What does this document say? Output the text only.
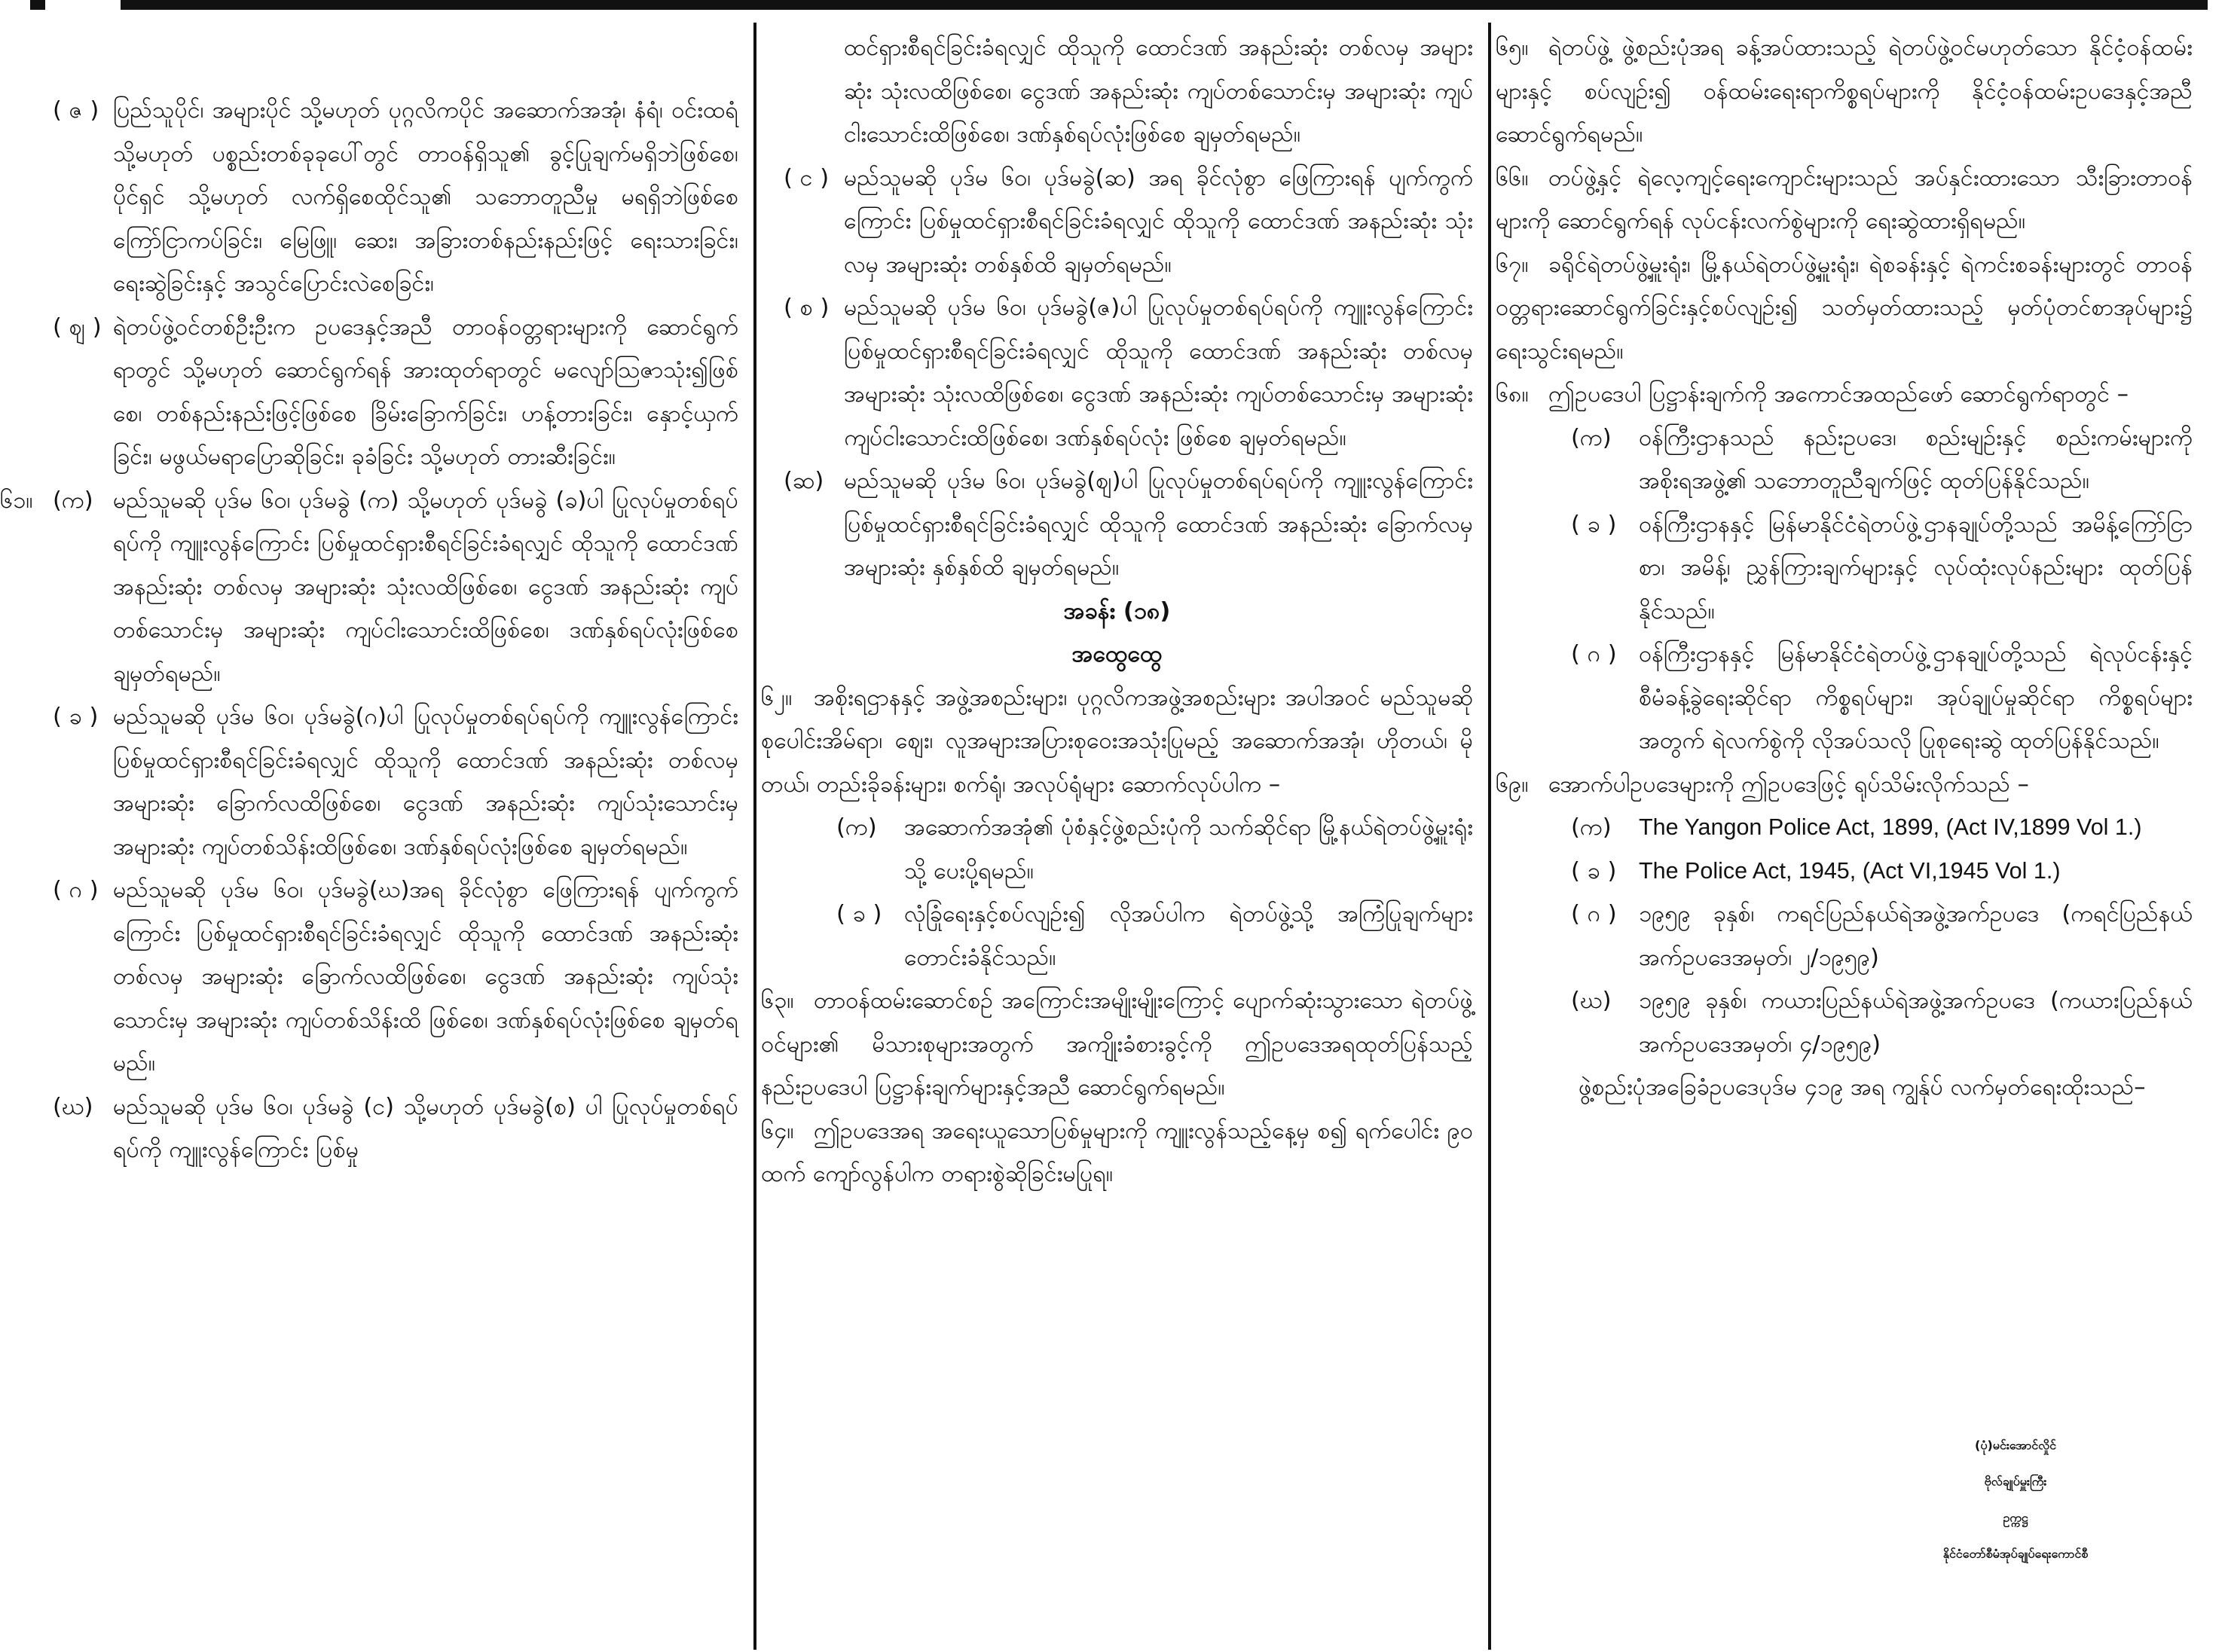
( ဇ ) ပြည်သူပိုင်၊ အများပိုင် သို့မဟုတ် ပုဂ္ဂလိကပိုင် အဆောက်အအုံ၊ နံရံ၊ ဝင်းထရံ သို့မဟုတ် ပစ္စည်းတစ်ခုခုပေါ်တွင် တာဝန်ရှိသူ၏ ခွင့်ပြုချက်မရှိဘဲဖြစ်စေ၊ ပိုင်ရှင် သို့မဟုတ် လက်ရှိစေထိုင်သူ၏ သဘောတူညီမှု မရရှိဘဲဖြစ်စေ ကြော်ငြာကပ်ခြင်း၊ မြေဖြူ၊ ဆေး၊ အခြားတစ်နည်းနည်းဖြင့် ရေးသားခြင်း၊ ရေးဆွဲခြင်းနှင့် အသွင်ပြောင်းလဲစေခြင်း၊
( ဈ ) ရဲတပ်ဖွဲ့ဝင်တစ်ဦးဦးက ဥပဒေနှင့်အညီ တာဝန်ဝတ္တရားများကို ဆောင်ရွက်ရာတွင် သို့မဟုတ် ဆောင်ရွက်ရန် အားထုတ်ရာတွင် မလျော်ဩဇာသုံး၍ဖြစ်စေ၊ တစ်နည်းနည်းဖြင့်ဖြစ်စေ ခြိမ်းခြောက်ခြင်း၊ ဟန့်တားခြင်း၊ နှောင့်ယှက်ခြင်း၊ မဖွယ်မရာပြောဆိုခြင်း၊ ခုခံခြင်း သို့မဟုတ် တားဆီးခြင်း။
၆၁။ (က) မည်သူမဆို ပုဒ်မ ၆၀၊ ပုဒ်မခွဲ (က) သို့မဟုတ် ပုဒ်မခွဲ (ခ)ပါ ပြုလုပ်မှုတစ်ရပ်ရပ်ကို ကျူးလွန်ကြောင်း ပြစ်မှုထင်ရှားစီရင်ခြင်းခံရလျှင် ထိုသူကို ထောင်ဒဏ် အနည်းဆုံး တစ်လမှ အများဆုံး သုံးလထိဖြစ်စေ၊ ငွေဒဏ် အနည်းဆုံး ကျပ်တစ်သောင်းမှ အများဆုံး ကျပ်ငါးသောင်းထိဖြစ်စေ၊ ဒဏ်နှစ်ရပ်လုံးဖြစ်စေ ချမှတ်ရမည်။
( ခ ) မည်သူမဆို ပုဒ်မ ၆၀၊ ပုဒ်မခွဲ(ဂ)ပါ ပြုလုပ်မှုတစ်ရပ်ရပ်ကို ကျူးလွန်ကြောင်း ပြစ်မှုထင်ရှားစီရင်ခြင်းခံရလျှင် ထိုသူကို ထောင်ဒဏ် အနည်းဆုံး တစ်လမှ အများဆုံး ခြောက်လထိဖြစ်စေ၊ ငွေဒဏ် အနည်းဆုံး ကျပ်သုံးသောင်းမှ အများဆုံး ကျပ်တစ်သိန်းထိဖြစ်စေ၊ ဒဏ်နှစ်ရပ်လုံးဖြစ်စေ ချမှတ်ရမည်။
( ဂ ) မည်သူမဆို ပုဒ်မ ၆၀၊ ပုဒ်မခွဲ(ဃ)အရ ခိုင်လုံစွာ ဖြေကြားရန် ပျက်ကွက်ကြောင်း ပြစ်မှုထင်ရှားစီရင်ခြင်းခံရလျှင် ထိုသူကို ထောင်ဒဏ် အနည်းဆုံး တစ်လမှ အများဆုံး ခြောက်လထိဖြစ်စေ၊ ငွေဒဏ် အနည်းဆုံး ကျပ်သုံးသောင်းမှ အများဆုံး ကျပ်တစ်သိန်းထိ ဖြစ်စေ၊ ဒဏ်နှစ်ရပ်လုံးဖြစ်စေ ချမှတ်ရမည်။
(ဃ) မည်သူမဆို ပုဒ်မ ၆၀၊ ပုဒ်မခွဲ (င) သို့မဟုတ် ပုဒ်မခွဲ(စ) ပါ ပြုလုပ်မှုတစ်ရပ်ရပ်ကို ကျူးလွန်ကြောင်း ပြစ်မှု
ထင်ရှားစီရင်ခြင်းခံရလျှင် ထိုသူကို ထောင်ဒဏ် အနည်းဆုံး တစ်လမှ အများဆုံး သုံးလထိဖြစ်စေ၊ ငွေဒဏ် အနည်းဆုံး ကျပ်တစ်သောင်းမှ အများဆုံး ကျပ်ငါးသောင်းထိဖြစ်စေ၊ ဒဏ်နှစ်ရပ်လုံးဖြစ်စေ ချမှတ်ရမည်။
( င ) မည်သူမဆို ပုဒ်မ ၆၀၊ ပုဒ်မခွဲ(ဆ) အရ ခိုင်လုံစွာ ဖြေကြားရန် ပျက်ကွက်ကြောင်း ပြစ်မှုထင်ရှားစီရင်ခြင်းခံရလျှင် ထိုသူကို ထောင်ဒဏ် အနည်းဆုံး သုံးလမှ အများဆုံး တစ်နှစ်ထိ ချမှတ်ရမည်။
( စ ) မည်သူမဆို ပုဒ်မ ၆၀၊ ပုဒ်မခွဲ(ဇ)ပါ ပြုလုပ်မှုတစ်ရပ်ရပ်ကို ကျူးလွန်ကြောင်း ပြစ်မှုထင်ရှားစီရင်ခြင်းခံရလျှင် ထိုသူကို ထောင်ဒဏ် အနည်းဆုံး တစ်လမှ အများဆုံး သုံးလထိဖြစ်စေ၊ ငွေဒဏ် အနည်းဆုံး ကျပ်တစ်သောင်းမှ အများဆုံး ကျပ်ငါးသောင်းထိဖြစ်စေ၊ ဒဏ်နှစ်ရပ်လုံး ဖြစ်စေ ချမှတ်ရမည်။
(ဆ) မည်သူမဆို ပုဒ်မ ၆၀၊ ပုဒ်မခွဲ(ဈ)ပါ ပြုလုပ်မှုတစ်ရပ်ရပ်ကို ကျူးလွန်ကြောင်း ပြစ်မှုထင်ရှားစီရင်ခြင်းခံရလျှင် ထိုသူကို ထောင်ဒဏ် အနည်းဆုံး ခြောက်လမှ အများဆုံး နှစ်နှစ်ထိ ချမှတ်ရမည်။
အခန်း (၁၈)
အထွေထွေ
၆၂။ အစိုးရဌာနနှင့် အဖွဲ့အစည်းများ၊ ပုဂ္ဂလိကအဖွဲ့အစည်းများ အပါအဝင် မည်သူမဆို စုပေါင်းအိမ်ရာ၊ ဈေး၊ လူအများအပြားစုဝေးအသုံးပြုမည့် အဆောက်အအုံ၊ ဟိုတယ်၊ မိုတယ်၊ တည်းခိုခန်းများ၊ စက်ရုံ၊ အလုပ်ရုံများ ဆောက်လုပ်ပါက –
(က) အဆောက်အအုံ၏ ပုံစံနှင့်ဖွဲ့စည်းပုံကို သက်ဆိုင်ရာ မြို့နယ်ရဲတပ်ဖွဲ့မှူးရုံးသို့ ပေးပို့ရမည်။
( ခ ) လုံခြုံရေးနှင့်စပ်လျဉ်း၍ လိုအပ်ပါက ရဲတပ်ဖွဲ့သို့ အကြံပြုချက်များ တောင်းခံနိုင်သည်။
၆၃။ တာဝန်ထမ်းဆောင်စဉ် အကြောင်းအမျိုးမျိုးကြောင့် ပျောက်ဆုံးသွားသော ရဲတပ်ဖွဲ့ဝင်များ၏ မိသားစုများအတွက် အကျိုးခံစားခွင့်ကို ဤဥပဒေအရထုတ်ပြန်သည့် နည်းဥပဒေပါ ပြဋ္ဌာန်းချက်များနှင့်အညီ ဆောင်ရွက်ရမည်။
၆၄။ ဤဥပဒေအရ အရေးယူသောပြစ်မှုများကို ကျူးလွန်သည့်နေ့မှ စ၍ ရက်ပေါင်း ၉၀ ထက် ကျော်လွန်ပါက တရားစွဲဆိုခြင်းမပြုရ။
၆၅။ ရဲတပ်ဖွဲ့ ဖွဲ့စည်းပုံအရ ခန့်အပ်ထားသည့် ရဲတပ်ဖွဲ့ဝင်မဟုတ်သော နိုင်ငံ့ဝန်ထမ်းများနှင့် စပ်လျဉ်း၍ ဝန်ထမ်းရေးရာကိစ္စရပ်များကို နိုင်ငံ့ဝန်ထမ်းဥပဒေနှင့်အညီ ဆောင်ရွက်ရမည်။
၆၆။ တပ်ဖွဲ့နှင့် ရဲလေ့ကျင့်ရေးကျောင်းများသည် အပ်နှင်းထားသော သီးခြားတာဝန်များကို ဆောင်ရွက်ရန် လုပ်ငန်းလက်စွဲများကို ရေးဆွဲထားရှိရမည်။
၆၇။ ခရိုင်ရဲတပ်ဖွဲ့မှူးရုံး၊ မြို့နယ်ရဲတပ်ဖွဲ့မှူးရုံး၊ ရဲစခန်းနှင့် ရဲကင်းစခန်းများတွင် တာဝန်ဝတ္တရားဆောင်ရွက်ခြင်းနှင့်စပ်လျဉ်း၍ သတ်မှတ်ထားသည့် မှတ်ပုံတင်စာအုပ်များ၌ ရေးသွင်းရမည်။
၆၈။ ဤဥပဒေပါ ပြဋ္ဌာန်းချက်ကို အကောင်အထည်ဖော် ဆောင်ရွက်ရာတွင် –
(က) ဝန်ကြီးဌာနသည် နည်းဥပဒေ၊ စည်းမျဉ်းနှင့် စည်းကမ်းများကို အစိုးရအဖွဲ့၏ သဘောတူညီချက်ဖြင့် ထုတ်ပြန်နိုင်သည်။
( ခ ) ဝန်ကြီးဌာနနှင့် မြန်မာနိုင်ငံရဲတပ်ဖွဲ့ဌာနချုပ်တို့သည် အမိန့်ကြော်ငြာစာ၊ အမိန့်၊ ညွှန်ကြားချက်များနှင့် လုပ်ထုံးလုပ်နည်းများ ထုတ်ပြန်နိုင်သည်။
( ဂ ) ဝန်ကြီးဌာနနှင့် မြန်မာနိုင်ငံရဲတပ်ဖွဲ့ဌာနချုပ်တို့သည် ရဲလုပ်ငန်းနှင့် စီမံခန့်ခွဲရေးဆိုင်ရာ ကိစ္စရပ်များ၊ အုပ်ချုပ်မှုဆိုင်ရာ ကိစ္စရပ်များအတွက် ရဲလက်စွဲကို လိုအပ်သလို ပြုစုရေးဆွဲ ထုတ်ပြန်နိုင်သည်။
၆၉။ အောက်ပါဥပဒေများကို ဤဥပဒေဖြင့် ရုပ်သိမ်းလိုက်သည် –
(က) The Yangon Police Act, 1899, (Act IV,1899 Vol 1.)
( ခ ) The Police Act, 1945, (Act VI,1945 Vol 1.)
( ဂ ) ၁၉၅၉ ခုနှစ်၊ ကရင်ပြည်နယ်ရဲအဖွဲ့အက်ဥပဒေ (ကရင်ပြည်နယ်အက်ဥပဒေအမှတ်၊ ၂/၁၉၅၉)
(ဃ) ၁၉၅၉ ခုနှစ်၊ ကယားပြည်နယ်ရဲအဖွဲ့အက်ဥပဒေ (ကယားပြည်နယ်အက်ဥပဒေအမှတ်၊ ၄/၁၉၅၉)
ဖွဲ့စည်းပုံအခြေခံဥပဒေပုဒ်မ ၄၁၉ အရ ကျွန်ုပ် လက်မှတ်ရေးထိုးသည်–
(ပုံ)မင်းအောင်လှိုင်
ဗိုလ်ချုပ်မှူးကြီး
ဥက္ကဋ္ဌ
နိုင်ငံတော်စီမံအုပ်ချုပ်ရေးကောင်စီ
